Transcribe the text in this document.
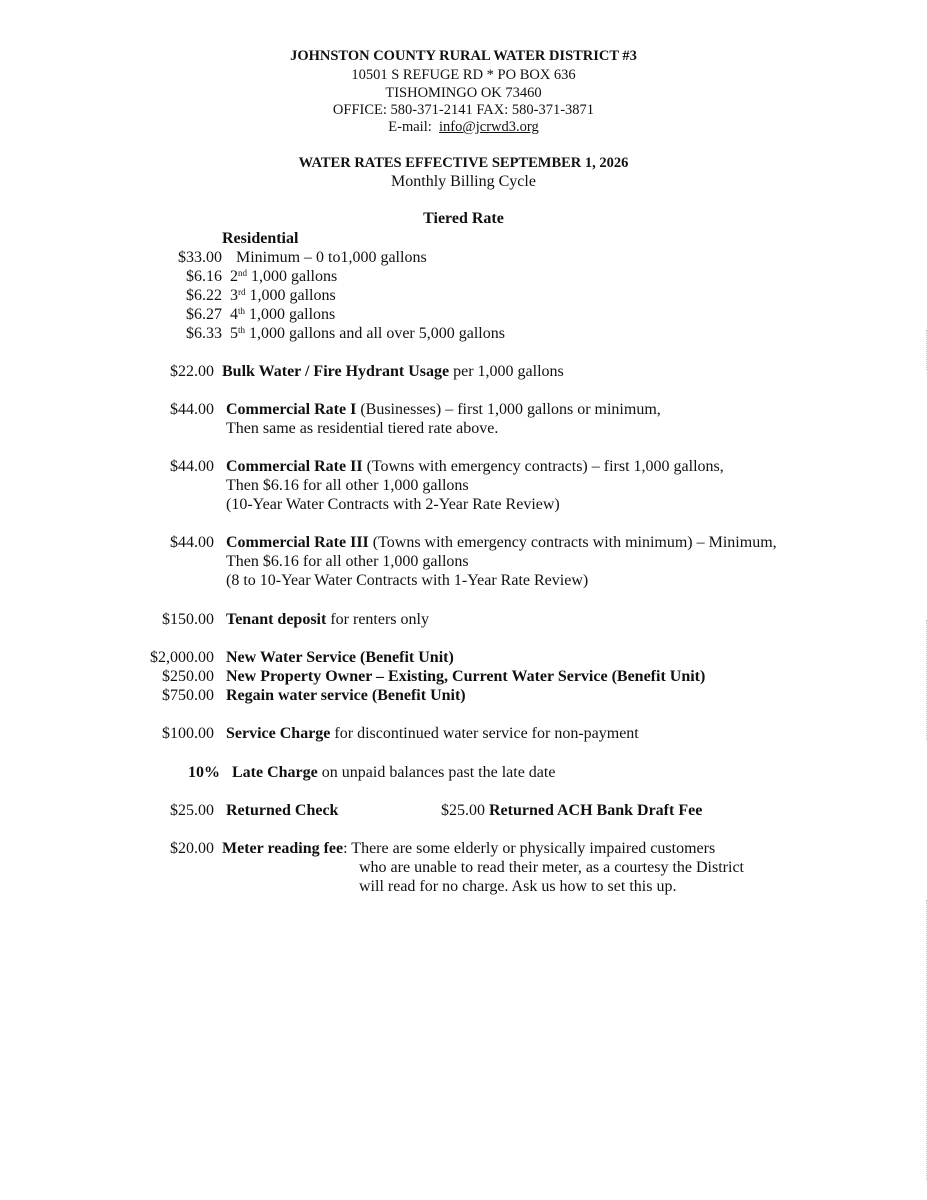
JOHNSTON COUNTY RURAL WATER DISTRICT #3
10501 S REFUGE RD * PO BOX 636
TISHOMINGO OK 73460
OFFICE: 580-371-2141 FAX: 580-371-3871
E-mail: info@jcrwd3.org
WATER RATES EFFECTIVE SEPTEMBER 1, 2026
Monthly Billing Cycle
Tiered Rate
Residential
$33.00 Minimum – 0 to1,000 gallons
$6.16 2nd 1,000 gallons
$6.22 3rd 1,000 gallons
$6.27 4th 1,000 gallons
$6.33 5th 1,000 gallons and all over 5,000 gallons
$22.00 Bulk Water / Fire Hydrant Usage per 1,000 gallons
$44.00 Commercial Rate I (Businesses) – first 1,000 gallons or minimum,
Then same as residential tiered rate above.
$44.00 Commercial Rate II (Towns with emergency contracts) – first 1,000 gallons,
Then $6.16 for all other 1,000 gallons
(10-Year Water Contracts with 2-Year Rate Review)
$44.00 Commercial Rate III (Towns with emergency contracts with minimum) – Minimum,
Then $6.16 for all other 1,000 gallons
(8 to 10-Year Water Contracts with 1-Year Rate Review)
$150.00 Tenant deposit for renters only
$2,000.00 New Water Service (Benefit Unit)
$250.00 New Property Owner – Existing, Current Water Service (Benefit Unit)
$750.00 Regain water service (Benefit Unit)
$100.00 Service Charge for discontinued water service for non-payment
10% Late Charge on unpaid balances past the late date
$25.00 Returned Check	$25.00 Returned ACH Bank Draft Fee
$20.00 Meter reading fee: There are some elderly or physically impaired customers
who are unable to read their meter, as a courtesy the District
will read for no charge. Ask us how to set this up.
